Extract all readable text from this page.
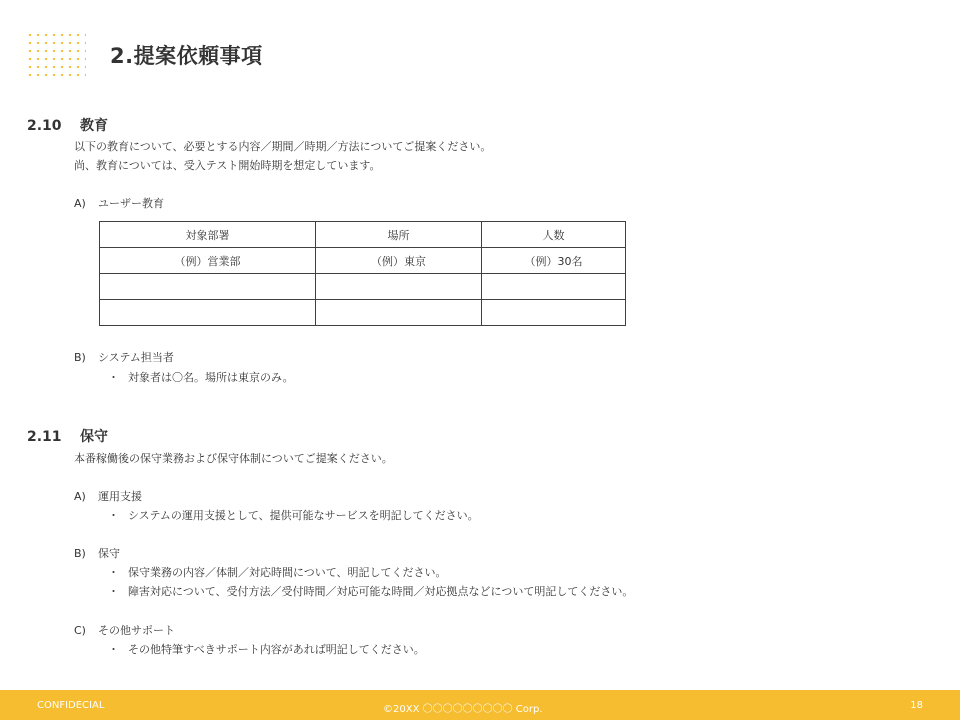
2.提案依頼事項
2.10 教育
以下の教育について、必要とする内容／期間／時期／方法についてご提案ください。
尚、教育については、受入テスト開始時期を想定しています。
A) ユーザー教育
対象部署	場所	人数
（例）営業部	（例）東京	（例）30名

B) システム担当者
・ 対象者は〇名。場所は東京のみ。
2.11 保守
本番稼働後の保守業務および保守体制についてご提案ください。
A) 運用支援
・ システムの運用支援として、提供可能なサービスを明記してください。
B) 保守
・ 保守業務の内容／体制／対応時間について、明記してください。
・ 障害対応について、受付方法／受付時間／対応可能な時間／対応拠点などについて明記してください。
C) その他サポート
・ その他特筆すべきサポート内容があれば明記してください。
CONFIDECIAL	©20XX 〇〇〇〇〇〇〇〇〇 Corp.	18
